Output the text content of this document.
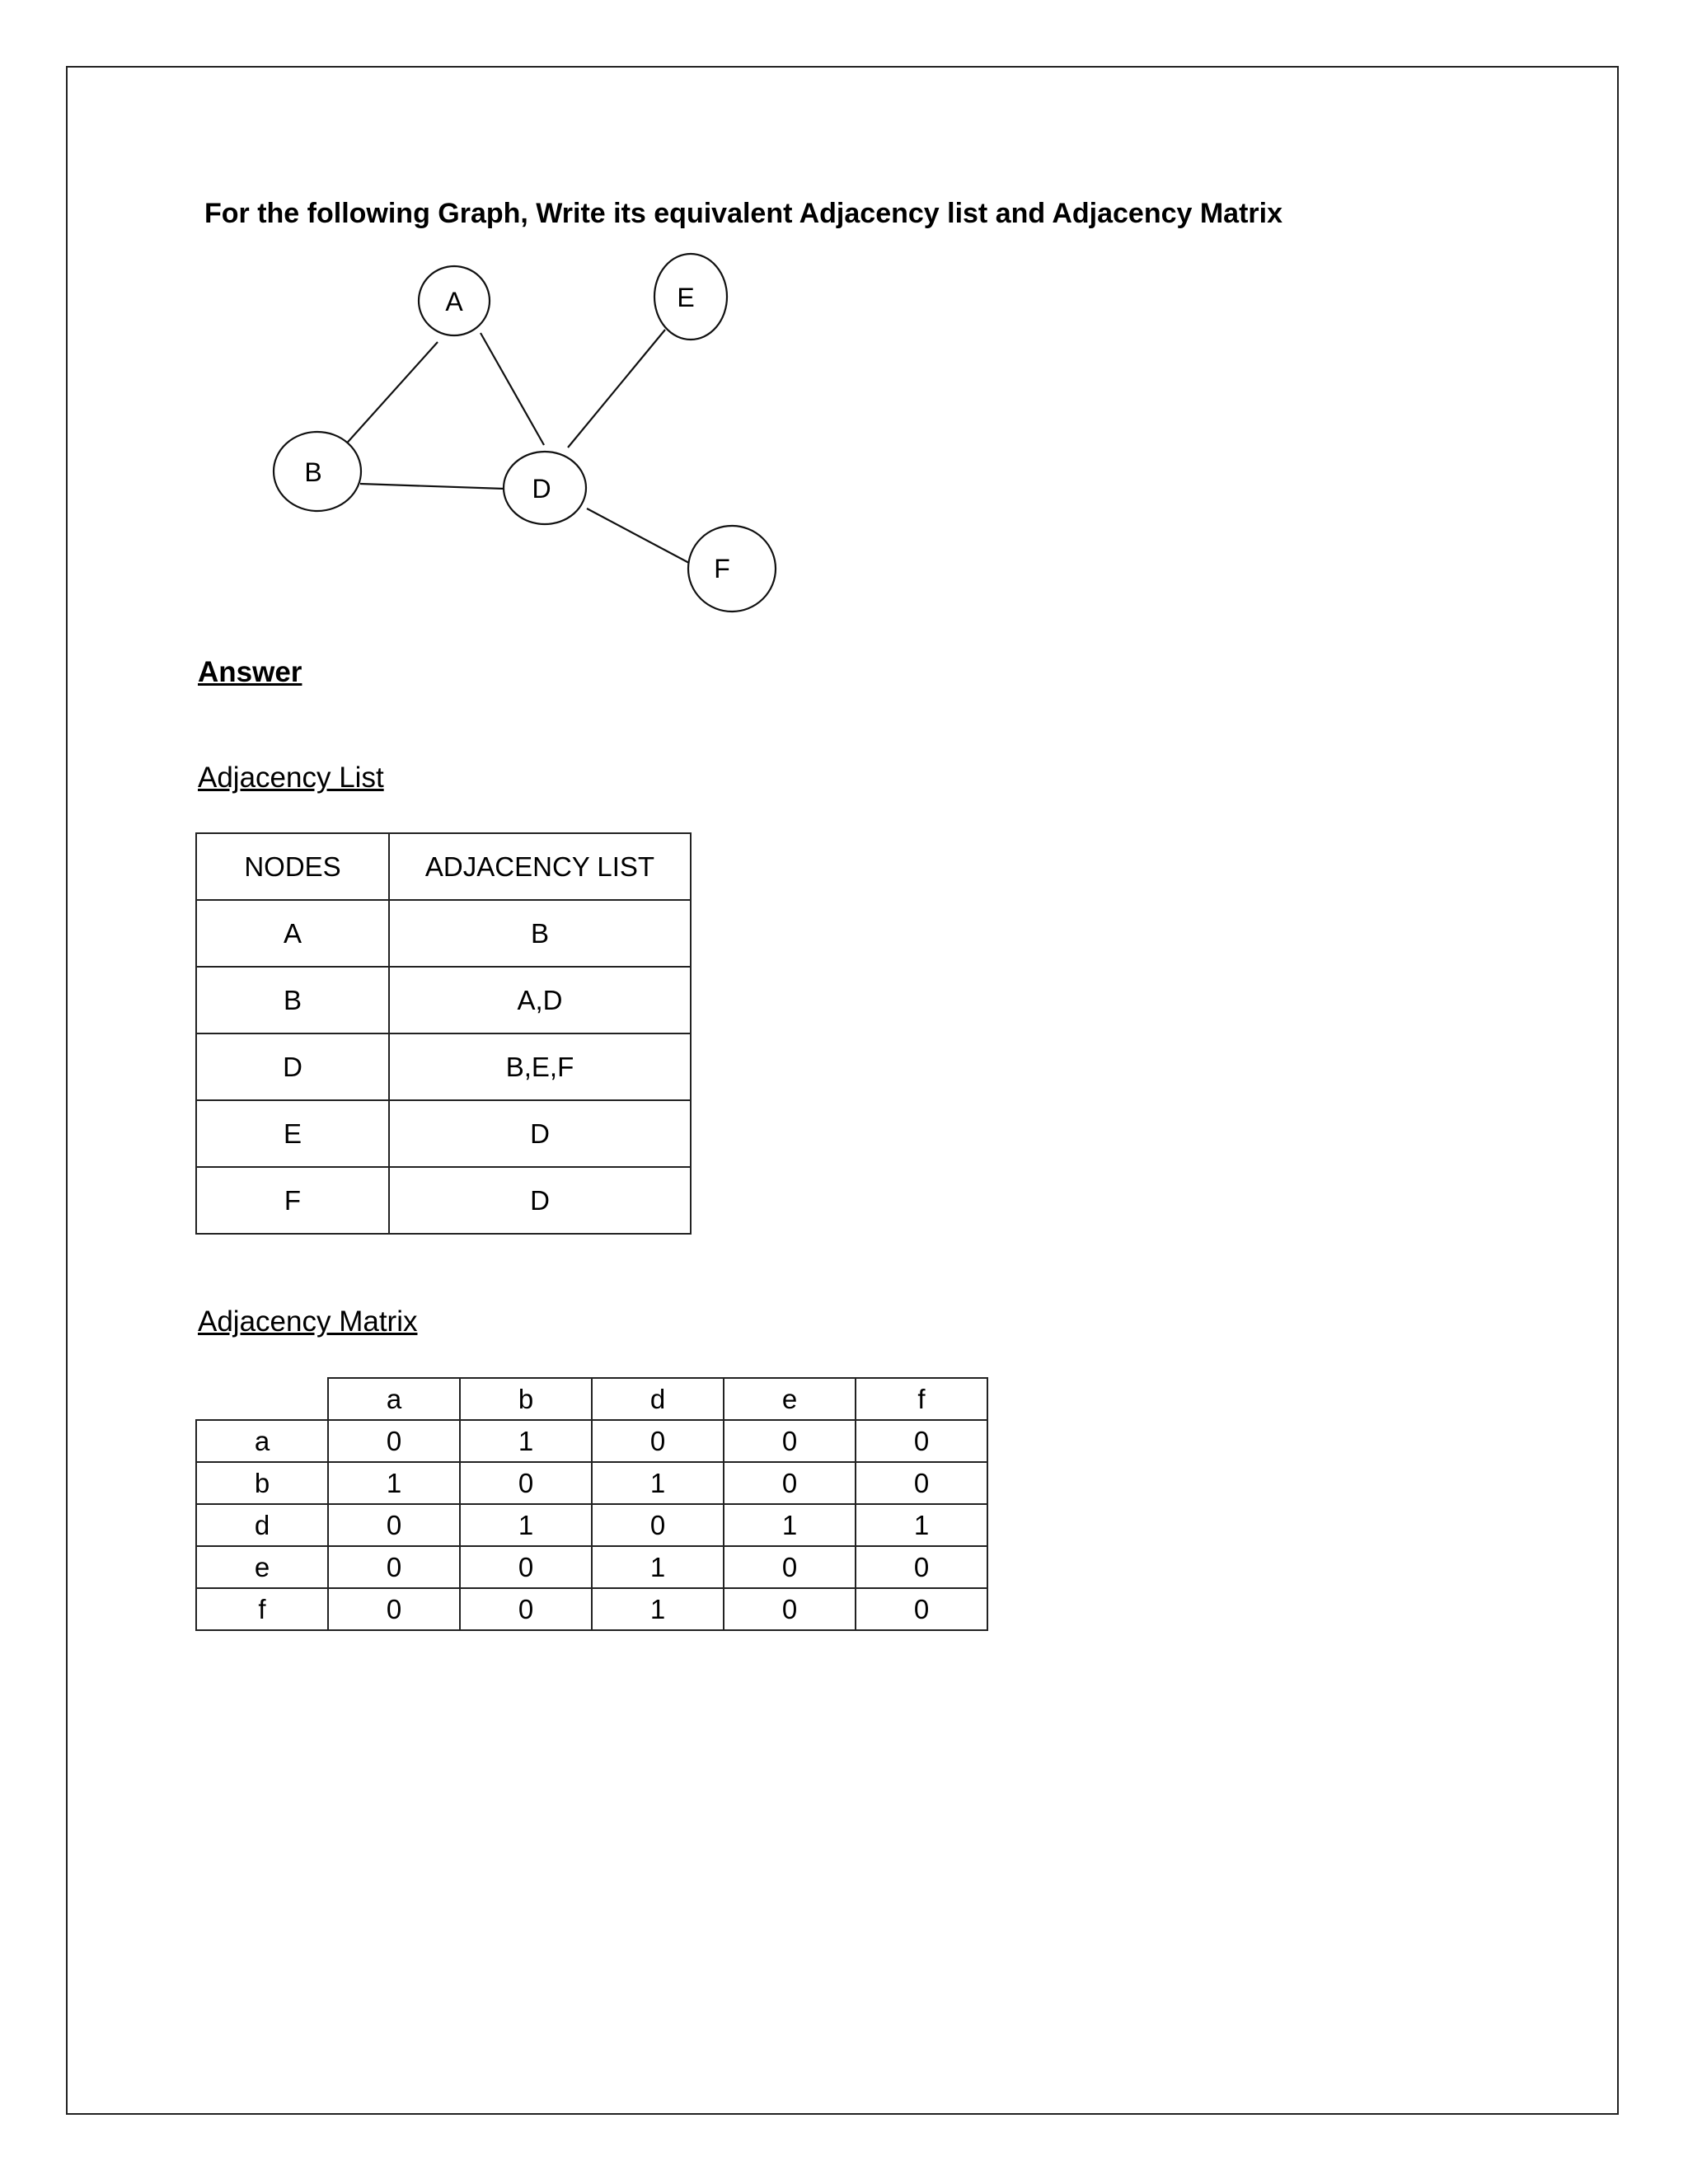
For the following Graph, Write its equivalent Adjacency list and Adjacency Matrix
A
B
D
E
F
Answer
Adjacency List
NODES	ADJACENCY LIST
A	B
B	A,D
D	B,E,F
E	D
F	D
Adjacency Matrix
	a	b	d	e	f
a	0	1	0	0	0
b	1	0	1	0	0
d	0	1	0	1	1
e	0	0	1	0	0
f	0	0	1	0	0
